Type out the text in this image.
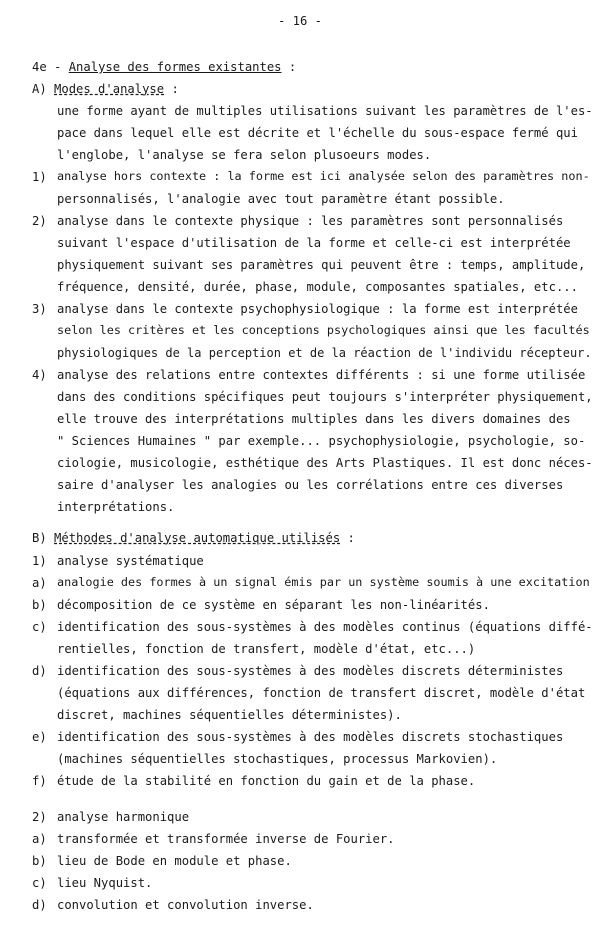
- 16 -
4e - Analyse des formes existantes :
A) Modes d'analyse :
une forme ayant de multiples utilisations suivant les paramètres de l'es-
pace dans lequel elle est décrite et l'échelle du sous-espace fermé qui
l'englobe, l'analyse se fera selon plusoeurs modes.
1) analyse hors contexte : la forme est ici analysée selon des paramètres non-
personnalisés, l'analogie avec tout paramètre étant possible.
2) analyse dans le contexte physique : les paramètres sont personnalisés
suivant l'espace d'utilisation de la forme et celle-ci est interprétée
physiquement suivant ses paramètres qui peuvent être : temps, amplitude,
fréquence, densité, durée, phase, module, composantes spatiales, etc...
3) analyse dans le contexte psychophysiologique : la forme est interprétée
selon les critères et les conceptions psychologiques ainsi que les facultés
physiologiques de la perception et de la réaction de l'individu récepteur.
4) analyse des relations entre contextes différents : si une forme utilisée
dans des conditions spécifiques peut toujours s'interpréter physiquement,
elle trouve des interprétations multiples dans les divers domaines des
" Sciences Humaines " par exemple... psychophysiologie, psychologie, so-
ciologie, musicologie, esthétique des Arts Plastiques. Il est donc néces-
saire d'analyser les analogies ou les corrélations entre ces diverses
interprétations.
B) Méthodes d'analyse automatique utilisés :
1) analyse systématique
a) analogie des formes à un signal émis par un système soumis à une excitation
b) décomposition de ce système en séparant les non-linéarités.
c) identification des sous-systèmes à des modèles continus (équations diffé-
rentielles, fonction de transfert, modèle d'état, etc...)
d) identification des sous-systèmes à des modèles discrets déterministes
(équations aux différences, fonction de transfert discret, modèle d'état
discret, machines séquentielles déterministes).
e) identification des sous-systèmes à des modèles discrets stochastiques
(machines séquentielles stochastiques, processus Markovien).
f) étude de la stabilité en fonction du gain et de la phase.
2) analyse harmonique
a) transformée et transformée inverse de Fourier.
b) lieu de Bode en module et phase.
c) lieu Nyquist.
d) convolution et convolution inverse.
